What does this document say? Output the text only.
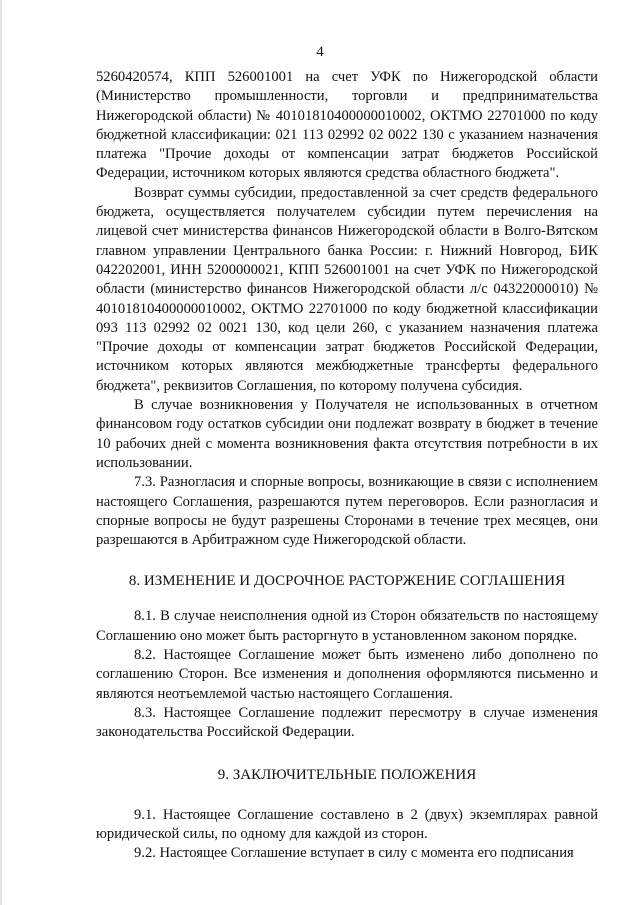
4

5260420574, КПП 526001001 на счет УФК по Нижегородской области (Министерство промышленности, торговли и предпринимательства Нижегородской области) № 40101810400000010002, ОКТМО 22701000 по коду бюджетной классификации: 021 113 02992 02 0022 130 с указанием назначения платежа "Прочие доходы от компенсации затрат бюджетов Российской Федерации, источником которых являются средства областного бюджета".

Возврат суммы субсидии, предоставленной за счет средств федерального бюджета, осуществляется получателем субсидии путем перечисления на лицевой счет министерства финансов Нижегородской области в Волго-Вятском главном управлении Центрального банка России: г. Нижний Новгород, БИК 042202001, ИНН 5200000021, КПП 526001001 на счет УФК по Нижегородской области (министерство финансов Нижегородской области л/с 04322000010) № 40101810400000010002, ОКТМО 22701000 по коду бюджетной классификации 093 113 02992 02 0021 130, код цели 260, с указанием назначения платежа "Прочие доходы от компенсации затрат бюджетов Российской Федерации, источником которых являются межбюджетные трансферты федерального бюджета", реквизитов Соглашения, по которому получена субсидия.

В случае возникновения у Получателя не использованных в отчетном финансовом году остатков субсидии они подлежат возврату в бюджет в течение 10 рабочих дней с момента возникновения факта отсутствия потребности в их использовании.

7.3. Разногласия и спорные вопросы, возникающие в связи с исполнением настоящего Соглашения, разрешаются путем переговоров. Если разногласия и спорные вопросы не будут разрешены Сторонами в течение трех месяцев, они разрешаются в Арбитражном суде Нижегородской области.

8. ИЗМЕНЕНИЕ И ДОСРОЧНОЕ РАСТОРЖЕНИЕ СОГЛАШЕНИЯ

8.1. В случае неисполнения одной из Сторон обязательств по настоящему Соглашению оно может быть расторгнуто в установленном законом порядке.

8.2. Настоящее Соглашение может быть изменено либо дополнено по соглашению Сторон. Все изменения и дополнения оформляются письменно и являются неотъемлемой частью настоящего Соглашения.

8.3. Настоящее Соглашение подлежит пересмотру в случае изменения законодательства Российской Федерации.

9. ЗАКЛЮЧИТЕЛЬНЫЕ ПОЛОЖЕНИЯ

9.1. Настоящее Соглашение составлено в 2 (двух) экземплярах равной юридической силы, по одному для каждой из сторон.

9.2. Настоящее Соглашение вступает в силу с момента его подписания
